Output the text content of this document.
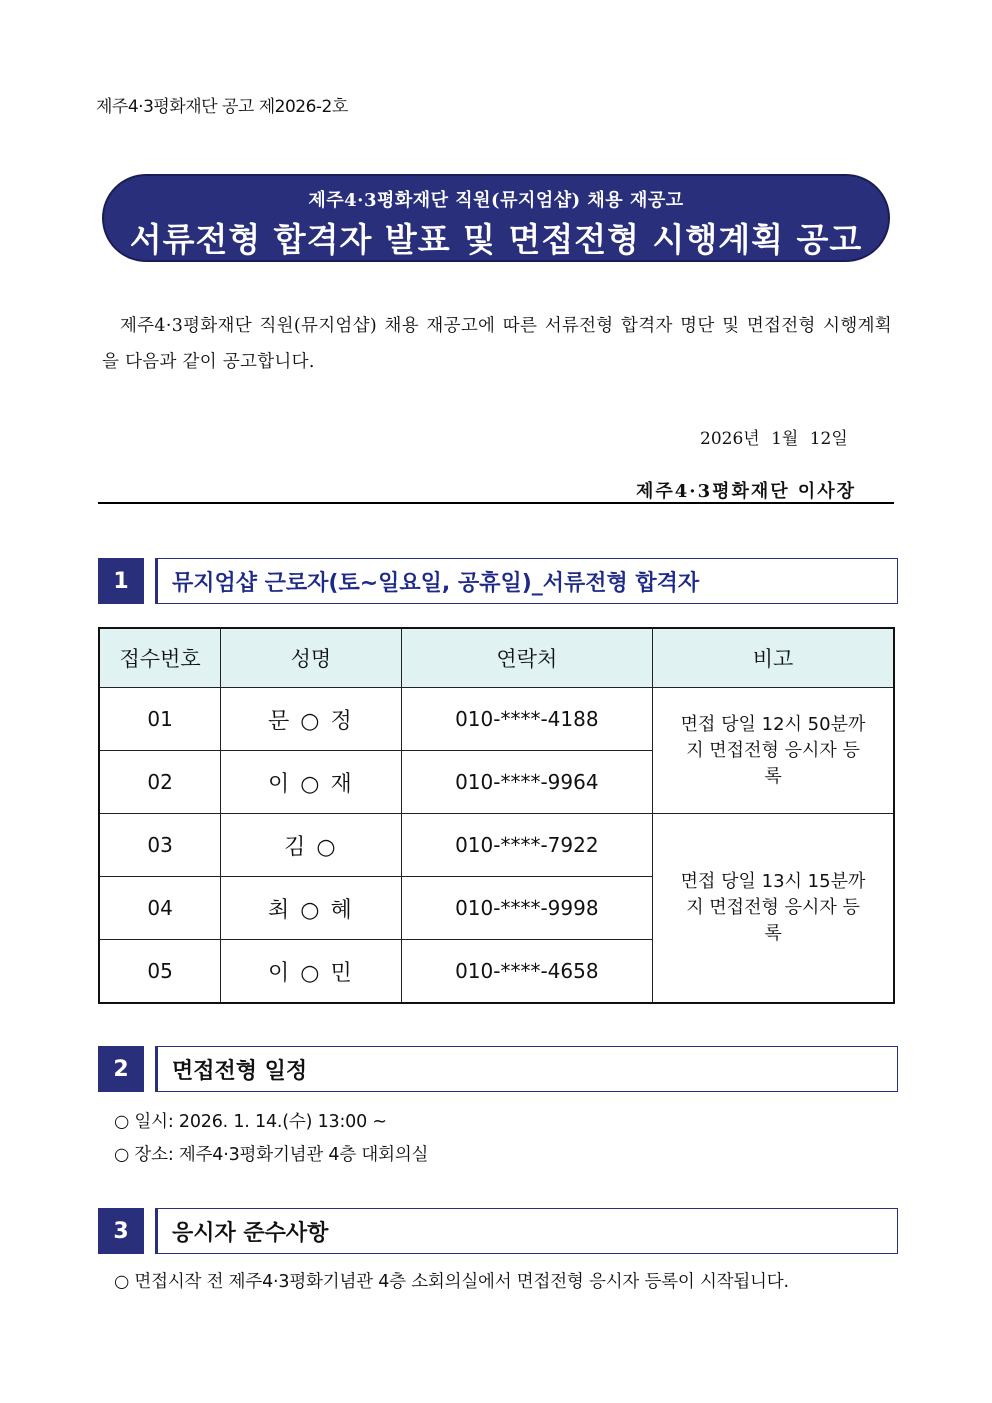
제주4·3평화재단 공고 제2026-2호
제주4·3평화재단 직원(뮤지엄샵) 채용 재공고
서류전형 합격자 발표 및 면접전형 시행계획 공고
제주4·3평화재단 직원(뮤지엄샵) 채용 재공고에 따른 서류전형 합격자 명단 및 면접전형 시행계획을 다음과 같이 공고합니다.
2026년 1월 12일
제주4·3평화재단 이사장
1	뮤지엄샵 근로자(토~일요일, 공휴일)_서류전형 합격자
접수번호	성명	연락처	비고
01	문 ○ 정	010-****-4188	면접 당일 12시 50분까지 면접전형 응시자 등록
02	이 ○ 재	010-****-9964	
03	김 ○	010-****-7922	면접 당일 13시 15분까지 면접전형 응시자 등록
04	최 ○ 혜	010-****-9998	
05	이 ○ 민	010-****-4658	
2	면접전형 일정
○ 일시: 2026. 1. 14.(수) 13:00 ~
○ 장소: 제주4·3평화기념관 4층 대회의실
3	응시자 준수사항
○ 면접시작 전 제주4·3평화기념관 4층 소회의실에서 면접전형 응시자 등록이 시작됩니다.
